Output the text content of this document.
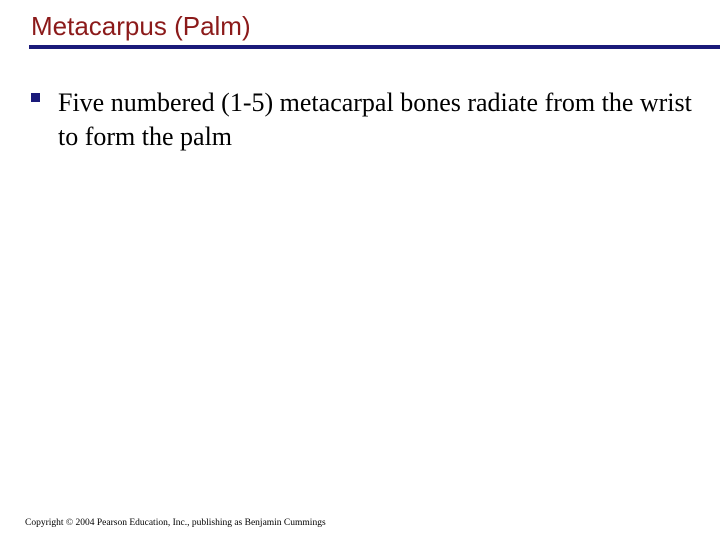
Metacarpus (Palm)
Five numbered (1-5) metacarpal bones radiate from the wrist to form the palm
Copyright © 2004 Pearson Education, Inc., publishing as Benjamin Cummings
